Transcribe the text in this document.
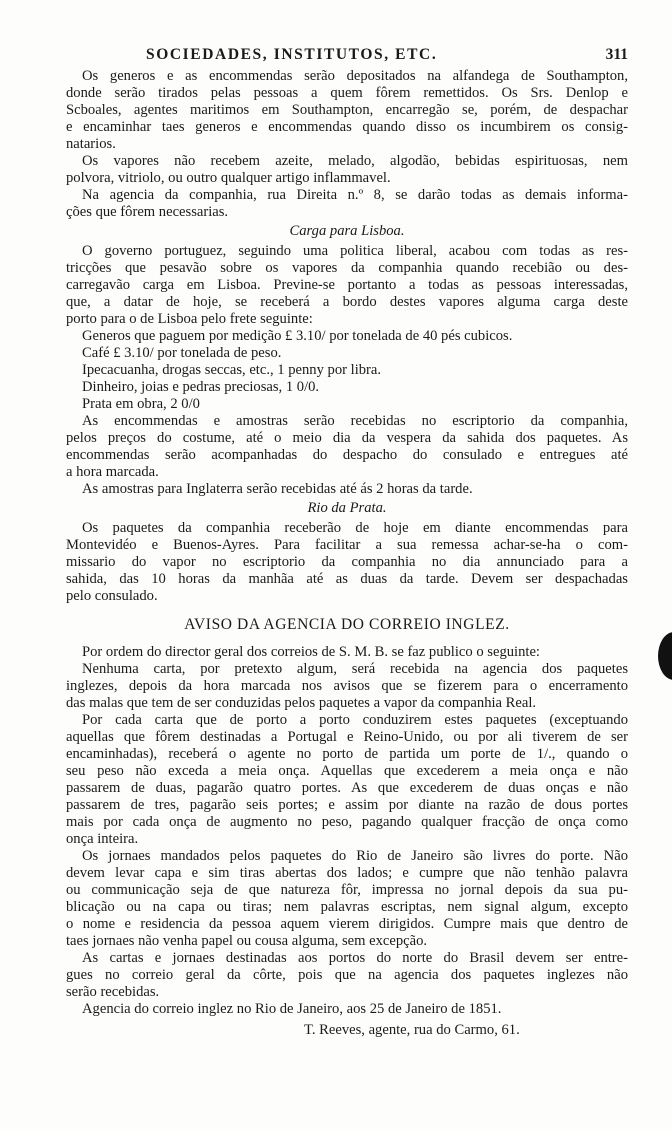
SOCIEDADES, INSTITUTOS, ETC.	311
Os generos e as encommendas serão depositados na alfandega de Southampton,
donde serão tirados pelas pessoas a quem fôrem remettidos. Os Srs. Denlop e
Scboales, agentes maritimos em Southampton, encarregão se, porém, de despachar
e encaminhar taes generos e encommendas quando disso os incumbirem os consig-
natarios.
Os vapores não recebem azeite, melado, algodão, bebidas espirituosas, nem
polvora, vitriolo, ou outro qualquer artigo inflammavel.
Na agencia da companhia, rua Direita n.º 8, se darão todas as demais informa-
ções que fôrem necessarias.
Carga para Lisboa.
O governo portuguez, seguindo uma politica liberal, acabou com todas as res-
tricções que pesavão sobre os vapores da companhia quando recebião ou des-
carregavão carga em Lisboa. Previne-se portanto a todas as pessoas interessadas,
que, a datar de hoje, se receberá a bordo destes vapores alguma carga deste
porto para o de Lisboa pelo frete seguinte:
Generos que paguem por medição £ 3.10/ por tonelada de 40 pés cubicos.
Café £ 3.10/ por tonelada de peso.
Ipecacuanha, drogas seccas, etc., 1 penny por libra.
Dinheiro, joias e pedras preciosas, 1 0/0.
Prata em obra, 2 0/0
As encommendas e amostras serão recebidas no escriptorio da companhia,
pelos preços do costume, até o meio dia da vespera da sahida dos paquetes. As
encommendas serão acompanhadas do despacho do consulado e entregues até
a hora marcada.
As amostras para Inglaterra serão recebidas até ás 2 horas da tarde.
Rio da Prata.
Os paquetes da companhia receberão de hoje em diante encommendas para
Montevidéo e Buenos-Ayres. Para facilitar a sua remessa achar-se-ha o com-
missario do vapor no escriptorio da companhia no dia annunciado para a
sahida, das 10 horas da manhãa até as duas da tarde. Devem ser despachadas
pelo consulado.
AVISO DA AGENCIA DO CORREIO INGLEZ.
Por ordem do director geral dos correios de S. M. B. se faz publico o seguinte:
Nenhuma carta, por pretexto algum, será recebida na agencia dos paquetes
inglezes, depois da hora marcada nos avisos que se fizerem para o encerramento
das malas que tem de ser conduzidas pelos paquetes a vapor da companhia Real.
Por cada carta que de porto a porto conduzirem estes paquetes (exceptuando
aquellas que fôrem destinadas a Portugal e Reino-Unido, ou por ali tiverem de ser
encaminhadas), receberá o agente no porto de partida um porte de 1/., quando o
seu peso não exceda a meia onça. Aquellas que excederem a meia onça e não
passarem de duas, pagarão quatro portes. As que excederem de duas onças e não
passarem de tres, pagarão seis portes; e assim por diante na razão de dous portes
mais por cada onça de augmento no peso, pagando qualquer fracção de onça como
onça inteira.
Os jornaes mandados pelos paquetes do Rio de Janeiro são livres do porte. Não
devem levar capa e sim tiras abertas dos lados; e cumpre que não tenhão palavra
ou communicação seja de que natureza fôr, impressa no jornal depois da sua pu-
blicação ou na capa ou tiras; nem palavras escriptas, nem signal algum, excepto
o nome e residencia da pessoa aquem vierem dirigidos. Cumpre mais que dentro de
taes jornaes não venha papel ou cousa alguma, sem excepção.
As cartas e jornaes destinadas aos portos do norte do Brasil devem ser entre-
gues no correio geral da côrte, pois que na agencia dos paquetes inglezes não
serão recebidas.
Agencia do correio inglez no Rio de Janeiro, aos 25 de Janeiro de 1851.
T. Reeves, agente, rua do Carmo, 61.
